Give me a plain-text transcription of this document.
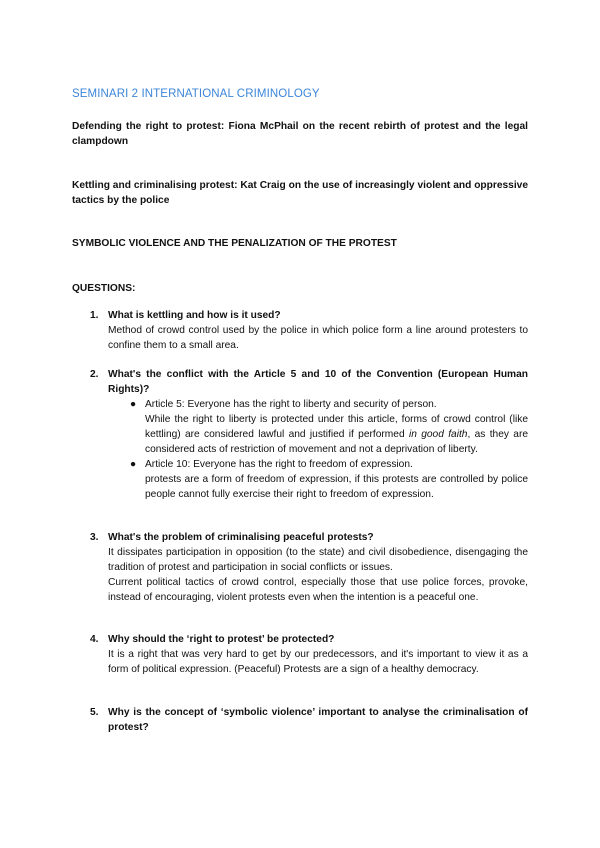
SEMINARI 2 INTERNATIONAL CRIMINOLOGY
Defending the right to protest: Fiona McPhail on the recent rebirth of protest and the legal clampdown
Kettling and criminalising protest: Kat Craig on the use of increasingly violent and oppressive tactics by the police
SYMBOLIC VIOLENCE AND THE PENALIZATION OF THE PROTEST
QUESTIONS:
1. What is kettling and how is it used?

Method of crowd control used by the police in which police form a line around protesters to confine them to a small area.

2. What's the conflict with the Article 5 and 10 of the Convention (European Human Rights)?
● Article 5: Everyone has the right to liberty and security of person.
While the right to liberty is protected under this article, forms of crowd control (like kettling) are considered lawful and justified if performed in good faith, as they are considered acts of restriction of movement and not a deprivation of liberty.
● Article 10: Everyone has the right to freedom of expression.
protests are a form of freedom of expression, if this protests are controlled by police people cannot fully exercise their right to freedom of expression.
3. What's the problem of criminalising peaceful protests?

It dissipates participation in opposition (to the state) and civil disobedience, disengaging the tradition of protest and participation in social conflicts or issues.

Current political tactics of crowd control, especially those that use police forces, provoke, instead of encouraging, violent protests even when the intention is a peaceful one.

4. Why should the ‘right to protest’ be protected?

It is a right that was very hard to get by our predecessors, and it's important to view it as a form of political expression. (Peaceful) Protests are a sign of a healthy democracy.

5. Why is the concept of ‘symbolic violence’ important to analyse the criminalisation of protest?
